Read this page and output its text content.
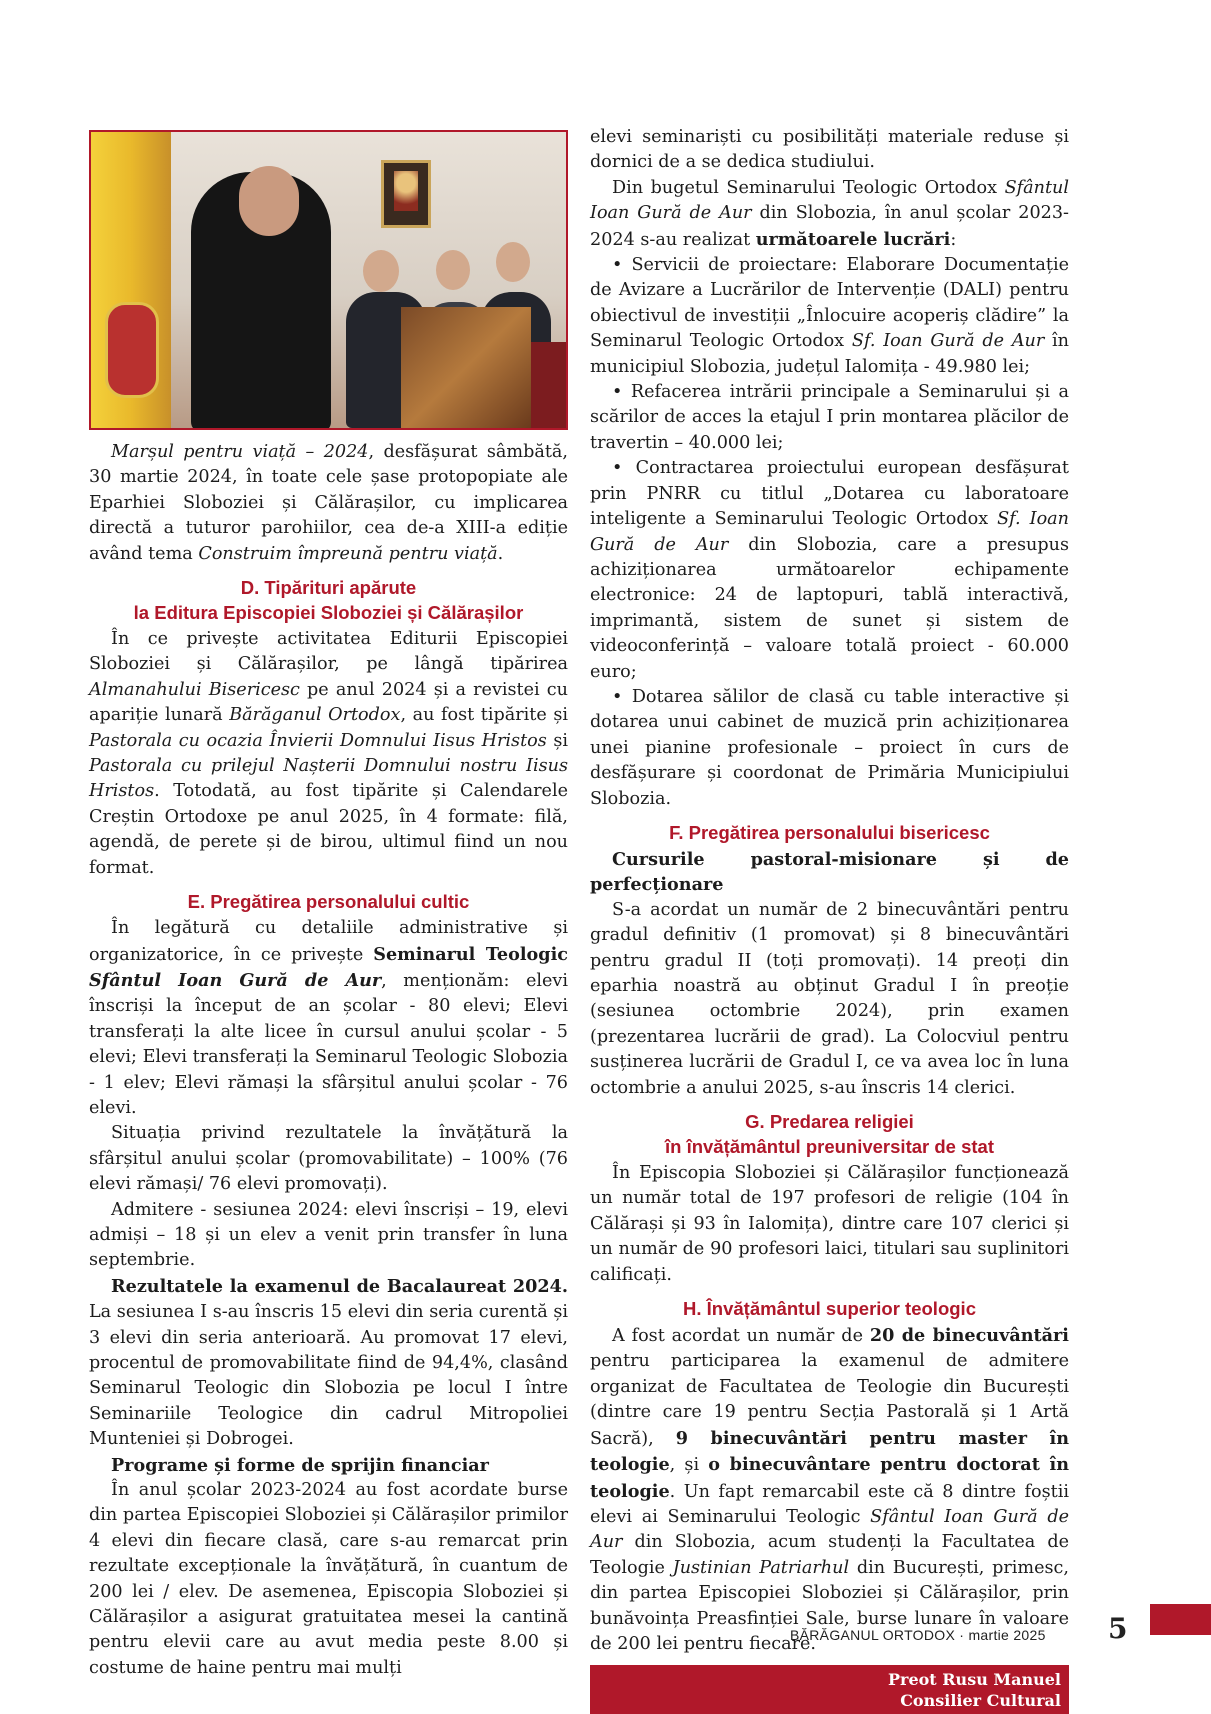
Marșul pentru viață – 2024, desfășurat sâmbătă, 30 martie 2024, în toate cele șase protopopiate ale Eparhiei Sloboziei și Călărașilor, cu implicarea directă a tuturor parohiilor, cea de-a XIII-a ediție având tema Construim împreună pentru viață.

D. Tipărituri apărute
la Editura Episcopiei Sloboziei și Călărașilor

În ce privește activitatea Editurii Episcopiei Sloboziei și Călărașilor, pe lângă tipărirea Almanahului Bisericesc pe anul 2024 și a revistei cu apariție lunară Bărăganul Ortodox, au fost tipărite și Pastorala cu ocazia Învierii Domnului Iisus Hristos și Pastorala cu prilejul Nașterii Domnului nostru Iisus Hristos. Totodată, au fost tipărite și Calendarele Creștin Ortodoxe pe anul 2025, în 4 formate: filă, agendă, de perete și de birou, ultimul fiind un nou format.

E. Pregătirea personalului cultic

În legătură cu detaliile administrative și organizatorice, în ce privește Seminarul Teologic Sfântul Ioan Gură de Aur, menționăm: elevi înscriși la început de an școlar - 80 elevi; Elevi transferați la alte licee în cursul anului școlar - 5 elevi; Elevi transferați la Seminarul Teologic Slobozia - 1 elev; Elevi rămași la sfârșitul anului școlar - 76 elevi.

Situația privind rezultatele la învățătură la sfârșitul anului școlar (promovabilitate) – 100% (76 elevi rămași/ 76 elevi promovați).

Admitere - sesiunea 2024: elevi înscriși – 19, elevi admiși – 18 și un elev a venit prin transfer în luna septembrie.

Rezultatele la examenul de Bacalaureat 2024. La sesiunea I s-au înscris 15 elevi din seria curentă și 3 elevi din seria anterioară. Au promovat 17 elevi, procentul de promovabilitate fiind de 94,4%, clasând Seminarul Teologic din Slobozia pe locul I între Seminariile Teologice din cadrul Mitropoliei Munteniei și Dobrogei.

Programe și forme de sprijin financiar

În anul școlar 2023-2024 au fost acordate burse din partea Episcopiei Sloboziei și Călărașilor primilor 4 elevi din fiecare clasă, care s-au remarcat prin rezultate excepționale la învățătură, în cuantum de 200 lei / elev. De asemenea, Episcopia Sloboziei și Călărașilor a asigurat gratuitatea mesei la cantină pentru elevii care au avut media peste 8.00 și costume de haine pentru mai mulți

elevi seminariști cu posibilități materiale reduse și dornici de a se dedica studiului.

Din bugetul Seminarului Teologic Ortodox Sfântul Ioan Gură de Aur din Slobozia, în anul școlar 2023-2024 s-au realizat următoarele lucrări:

• Servicii de proiectare: Elaborare Documentație de Avizare a Lucrărilor de Intervenție (DALI) pentru obiectivul de investiții „Înlocuire acoperiș clădire” la Seminarul Teologic Ortodox Sf. Ioan Gură de Aur în municipiul Slobozia, județul Ialomița - 49.980 lei;

• Refacerea intrării principale a Seminarului și a scărilor de acces la etajul I prin montarea plăcilor de travertin – 40.000 lei;

• Contractarea proiectului european desfășurat prin PNRR cu titlul „Dotarea cu laboratoare inteligente a Seminarului Teologic Ortodox Sf. Ioan Gură de Aur din Slobozia, care a presupus achiziționarea următoarelor echipamente electronice: 24 de laptopuri, tablă interactivă, imprimantă, sistem de sunet și sistem de videoconferință – valoare totală proiect - 60.000 euro;

• Dotarea sălilor de clasă cu table interactive și dotarea unui cabinet de muzică prin achiziționarea unei pianine profesionale – proiect în curs de desfășurare și coordonat de Primăria Municipiului Slobozia.

F. Pregătirea personalului bisericesc

Cursurile pastoral-misionare și de perfecționare

S-a acordat un număr de 2 binecuvântări pentru gradul definitiv (1 promovat) și 8 binecuvântări pentru gradul II (toți promovați). 14 preoți din eparhia noastră au obținut Gradul I în preoție (sesiunea octombrie 2024), prin examen (prezentarea lucrării de grad). La Colocviul pentru susținerea lucrării de Gradul I, ce va avea loc în luna octombrie a anului 2025, s-au înscris 14 clerici.

G. Predarea religiei
în învățământul preuniversitar de stat

În Episcopia Sloboziei și Călărașilor funcționează un număr total de 197 profesori de religie (104 în Călărași și 93 în Ialomița), dintre care 107 clerici și un număr de 90 profesori laici, titulari sau suplinitori calificați.

H. Învățământul superior teologic

A fost acordat un număr de 20 de binecuvântări pentru participarea la examenul de admitere organizat de Facultatea de Teologie din București (dintre care 19 pentru Secția Pastorală și 1 Artă Sacră), 9 binecuvântări pentru master în teologie, și o binecuvântare pentru doctorat în teologie. Un fapt remarcabil este că 8 dintre foștii elevi ai Seminarului Teologic Sfântul Ioan Gură de Aur din Slobozia, acum studenți la Facultatea de Teologie Justinian Patriarhul din București, primesc, din partea Episcopiei Sloboziei și Călărașilor, prin bunăvoința Preasfinției Sale, burse lunare în valoare de 200 lei pentru fiecare.

Preot Rusu Manuel
Consilier Cultural
BĂRĂGANUL ORTODOX · martie 2025 5
